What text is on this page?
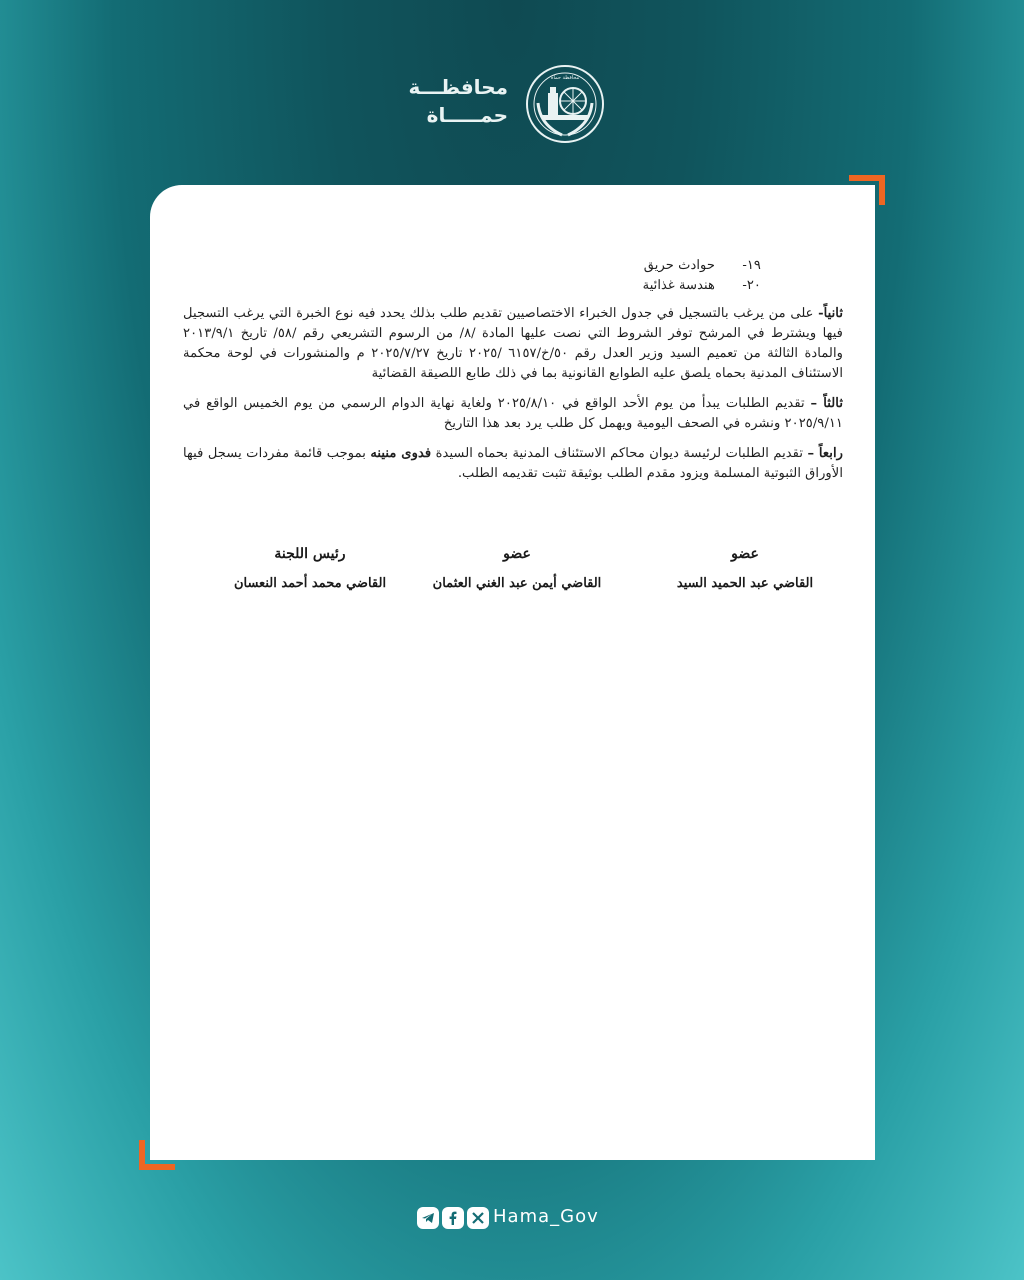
محافظة حماة
محافظـــة
حمـــــاة
١٩-
حوادث حريق
٢٠-
هندسة غذائية

ثانياً- على من يرغب بالتسجيل في جدول الخبراء الاختصاصيين تقديم طلب بذلك يحدد فيه نوع الخبرة التي يرغب التسجيل فيها ويشترط في المرشح توفر الشروط التي نصت عليها المادة /٨/ من الرسوم التشريعي رقم /٥٨/ تاريخ ٢٠١٣/٩/١ والمادة الثالثة من تعميم السيد وزير العدل رقم ٥٠/خ/٦١٥٧ /٢٠٢٥ تاريخ ٢٠٢٥/٧/٢٧ م والمنشورات في لوحة محكمة الاستئناف المدنية بحماه يلصق عليه الطوابع القانونية بما في ذلك طابع اللصيقة القضائية

ثالثاً – تقديم الطلبات يبدأ من يوم الأحد الواقع في ٢٠٢٥/٨/١٠ ولغاية نهاية الدوام الرسمي من يوم الخميس الواقع في ٢٠٢٥/٩/١١ ونشره في الصحف اليومية ويهمل كل طلب يرد بعد هذا التاريخ

رابعاً – تقديم الطلبات لرئيسة ديوان محاكم الاستئناف المدنية بحماه السيدة فدوى منينه بموجب قائمة مفردات يسجل فيها الأوراق الثبوتية المسلمة ويزود مقدم الطلب بوثيقة تثبت تقديمه الطلب.

عضو
القاضي عبد الحميد السيد
عضو
القاضي أيمن عبد الغني العثمان
رئيس اللجنة
القاضي محمد أحمد النعسان
Hama_Gov
